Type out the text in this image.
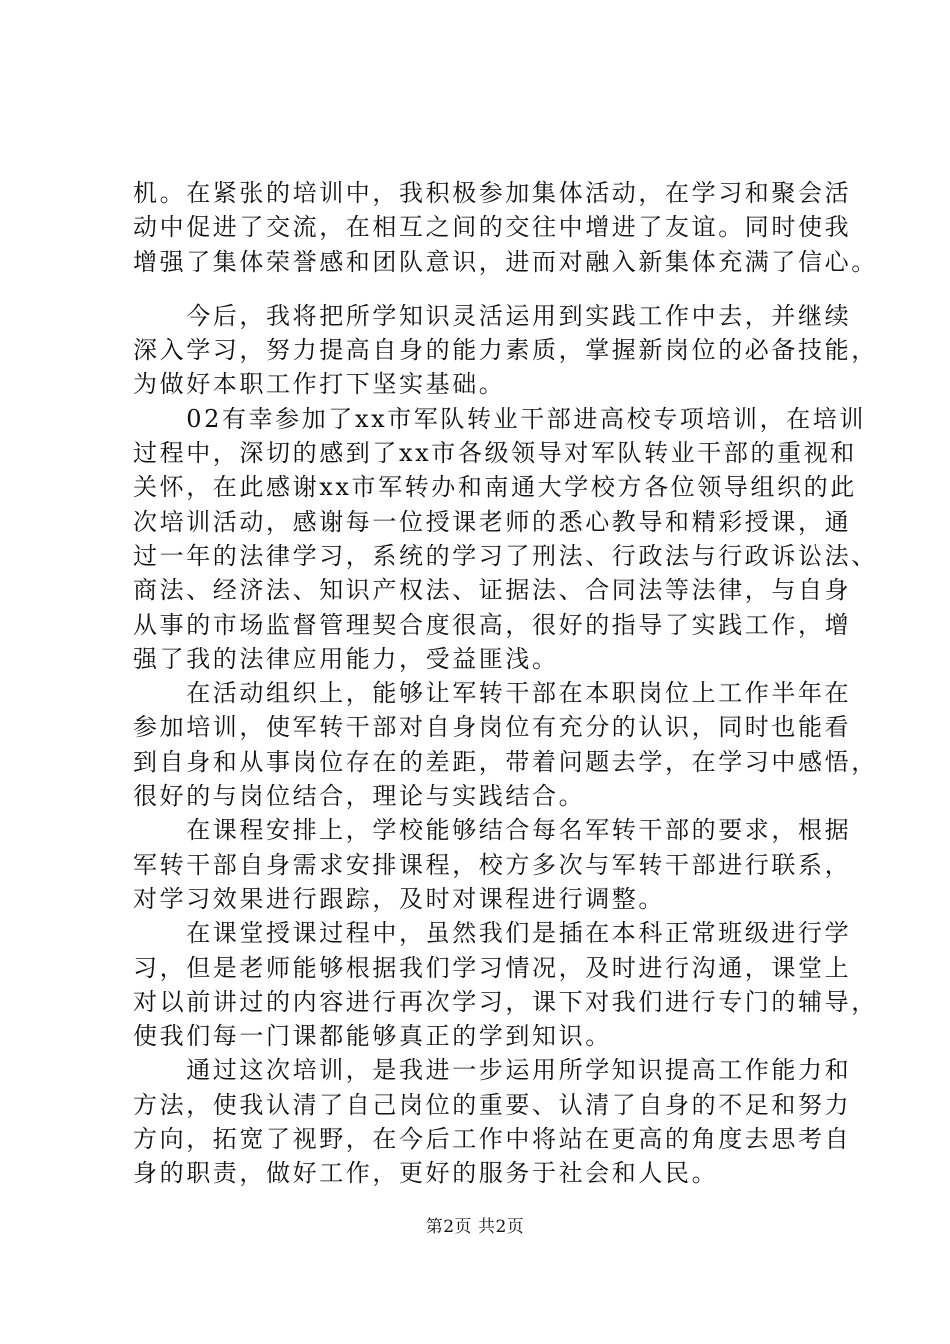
机。在紧张的培训中，我积极参加集体活动，在学习和聚会活
动中促进了交流，在相互之间的交往中增进了友谊。同时使我
增强了集体荣誉感和团队意识，进而对融入新集体充满了信心。
　　今后，我将把所学知识灵活运用到实践工作中去，并继续
深入学习，努力提高自身的能力素质，掌握新岗位的必备技能，
为做好本职工作打下坚实基础。
　　02有幸参加了xx市军队转业干部进高校专项培训，在培训
过程中，深切的感到了xx市各级领导对军队转业干部的重视和
关怀，在此感谢xx市军转办和南通大学校方各位领导组织的此
次培训活动，感谢每一位授课老师的悉心教导和精彩授课，通
过一年的法律学习，系统的学习了刑法、行政法与行政诉讼法、
商法、经济法、知识产权法、证据法、合同法等法律，与自身
从事的市场监督管理契合度很高，很好的指导了实践工作，增
强了我的法律应用能力，受益匪浅。
　　在活动组织上，能够让军转干部在本职岗位上工作半年在
参加培训，使军转干部对自身岗位有充分的认识，同时也能看
到自身和从事岗位存在的差距，带着问题去学，在学习中感悟，
很好的与岗位结合，理论与实践结合。
　　在课程安排上，学校能够结合每名军转干部的要求，根据
军转干部自身需求安排课程，校方多次与军转干部进行联系，
对学习效果进行跟踪，及时对课程进行调整。
　　在课堂授课过程中，虽然我们是插在本科正常班级进行学
习，但是老师能够根据我们学习情况，及时进行沟通，课堂上
对以前讲过的内容进行再次学习，课下对我们进行专门的辅导，
使我们每一门课都能够真正的学到知识。
　　通过这次培训，是我进一步运用所学知识提高工作能力和
方法，使我认清了自己岗位的重要、认清了自身的不足和努力
方向，拓宽了视野，在今后工作中将站在更高的角度去思考自
身的职责，做好工作，更好的服务于社会和人民。
第2页 共2页
